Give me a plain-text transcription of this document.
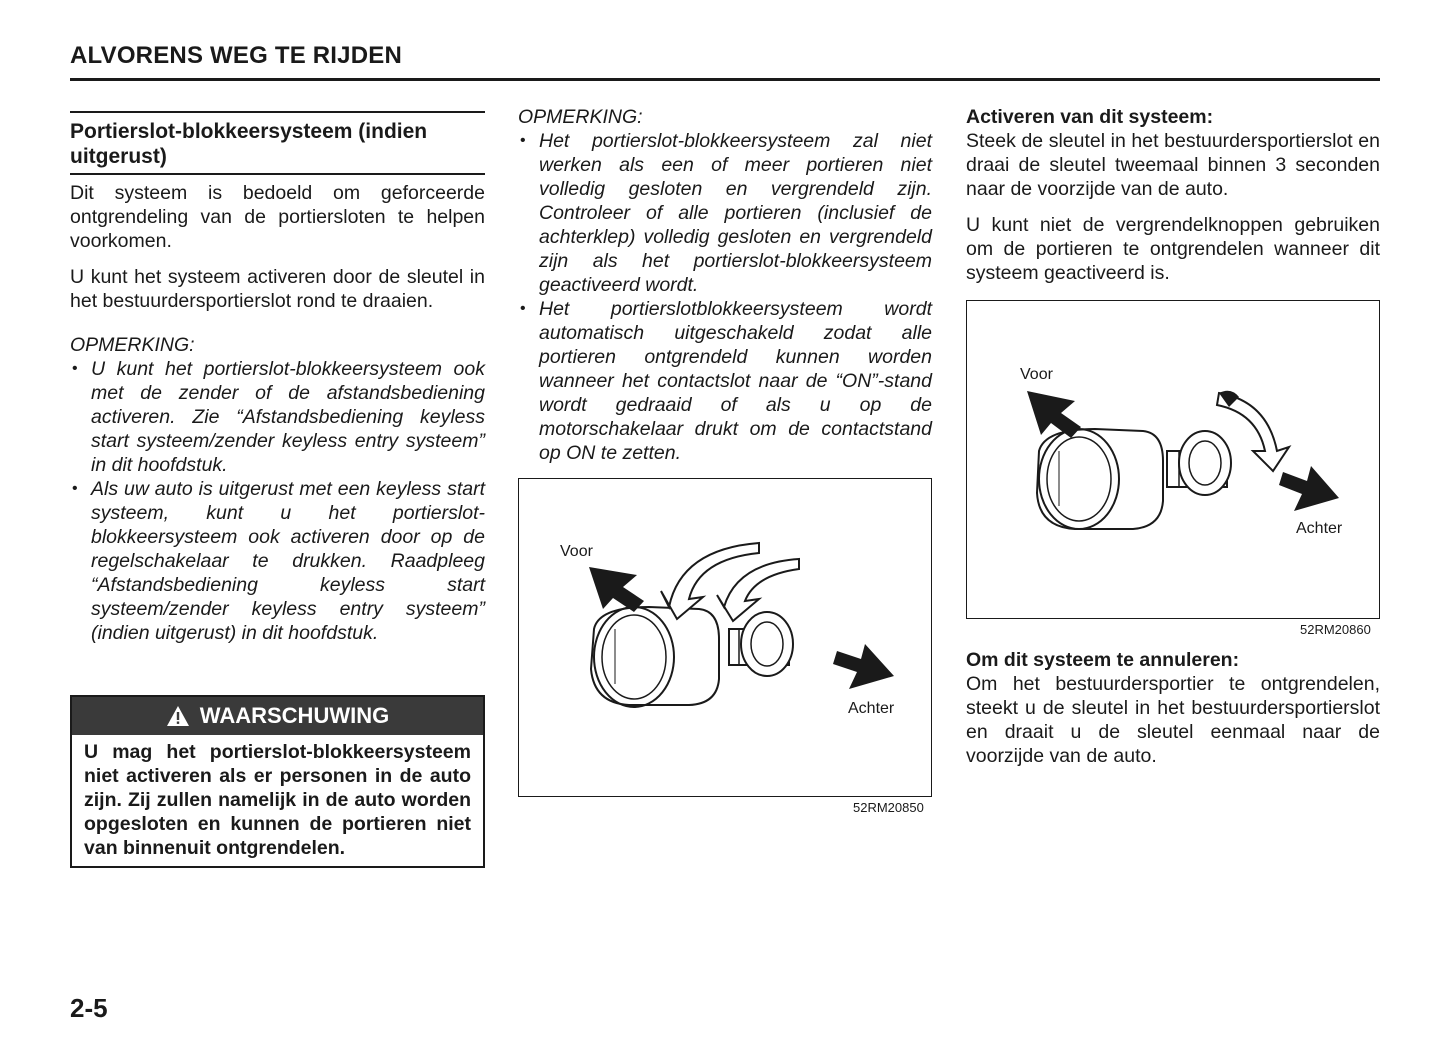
ALVORENS WEG TE RIJDEN
Portierslot-blokkeersysteem (indien uitgerust)

Dit systeem is bedoeld om geforceerde ontgrendeling van de portiersloten te helpen voorkomen.

U kunt het systeem activeren door de sleutel in het bestuurdersportierslot rond te draaien.

OPMERKING:
• U kunt het portierslot-blokkeersysteem ook met de zender of de afstandsbediening activeren. Zie “Afstandsbediening keyless start systeem/zender keyless entry systeem” in dit hoofdstuk.
• Als uw auto is uitgerust met een keyless start systeem, kunt u het portierslot-blokkeersysteem ook activeren door op de regelschakelaar te drukken. Raadpleeg “Afstandsbediening keyless start systeem/zender keyless entry systeem” (indien uitgerust) in dit hoofdstuk.
WAARSCHUWING
U mag het portierslot-blokkeersysteem niet activeren als er personen in de auto zijn. Zij zullen namelijk in de auto worden opgesloten en kunnen de portieren niet van binnenuit ontgrendelen.
OPMERKING:
• Het portierslot-blokkeersysteem zal niet werken als een of meer portieren niet volledig gesloten en vergrendeld zijn. Controleer of alle portieren (inclusief de achterklep) volledig gesloten en vergrendeld zijn als het portierslot-blokkeersysteem geactiveerd wordt.
• Het portierslotblokkeersysteem wordt automatisch uitgeschakeld zodat alle portieren ontgrendeld kunnen worden wanneer het contactslot naar de “ON”-stand wordt gedraaid of als u op de motorschakelaar drukt om de contactstand op ON te zetten.
Voor
Achter
52RM20850

Activeren van dit systeem:

Steek de sleutel in het bestuurdersportierslot en draai de sleutel tweemaal binnen 3 seconden naar de voorzijde van de auto.

U kunt niet de vergrendelknoppen gebruiken om de portieren te ontgrendelen wanneer dit systeem geactiveerd is.

Voor
Achter
52RM20860

Om dit systeem te annuleren:

Om het bestuurdersportier te ontgrendelen, steekt u de sleutel in het bestuurdersportierslot en draait u de sleutel eenmaal naar de voorzijde van de auto.

2-5
